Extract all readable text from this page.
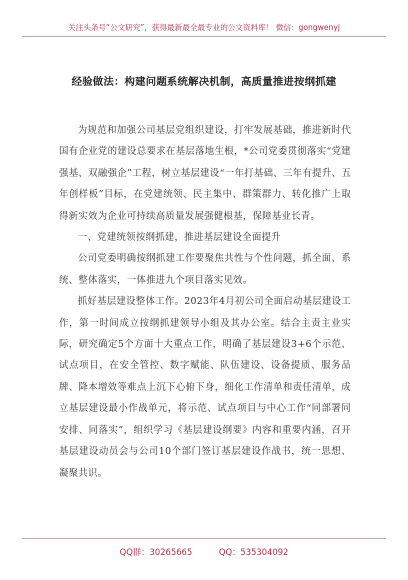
关注头条号“公文研究”，获得最新最全最专业的公文资料库！ 微信：gongwenyj
经验做法：构建问题系统解决机制，高质量推进按纲抓建

为规范和加强公司基层党组织建设，打牢发展基础，推进新时代国有企业党的建设总要求在基层落地生根，*公司党委贯彻落实“党建强基、双融强企”工程，树立基层建设“一年打基础、三年有提升、五年创样板”目标，在党建统领、民主集中、群策群力、转化推广上取得新实效为企业可持续高质量发展强健根基，保障基业长青。

一、党建统领按纲抓建，推进基层建设全面提升

公司党委明确按纲抓建工作要聚焦共性与个性问题，抓全面、系统、整体落实，一体推进九个项目落实见效。

抓好基层建设整体工作。2023年4月初公司全面启动基层建设工作，第一时间成立按纲抓建领导小组及其办公室。结合主责主业实际，研究确定5个方面十大重点工作，明确了基层建设3+6个示范、试点项目，在安全管控、数字赋能、队伍建设、设备提质、服务品牌、降本增效等难点上沉下心俯下身，细化工作清单和责任清单，成立基层建设最小作战单元，将示范、试点项目与中心工作“同部署同安排、同落实”，组织学习《基层建设纲要》内容和重要内涵，召开基层建设动员会与公司10个部门签订基层建设作战书，统一思想、凝聚共识。

QQ群：30265665	QQ：535304092
